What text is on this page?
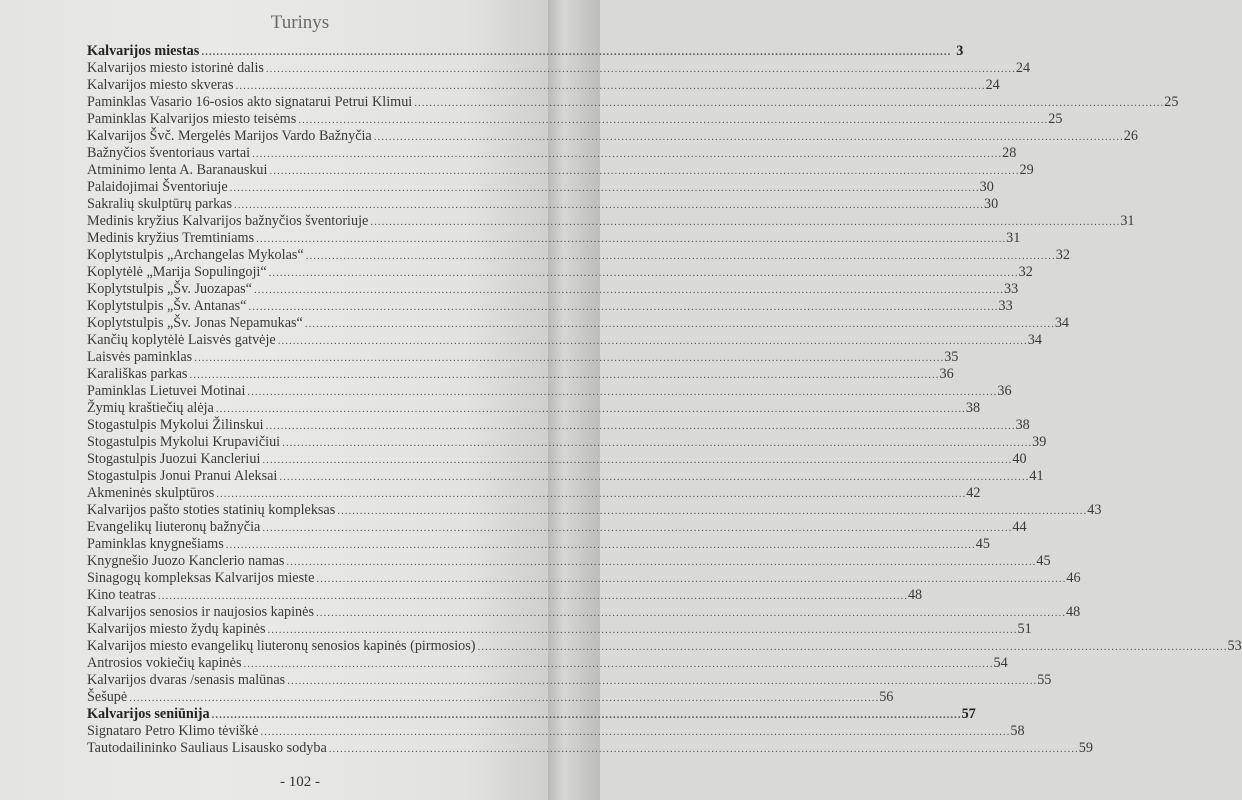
Turinys
Kalvarijos miestas ........................................................................................................................................................................................................ 3
Kalvarijos miesto istorinė dalis ........................................................................................................................................................................................................ 24
Kalvarijos miesto skveras ........................................................................................................................................................................................................ 24
Paminklas Vasario 16-osios akto signatarui Petrui Klimui ........................................................................................................................................................................................................ 25
Paminklas Kalvarijos miesto teisėms ........................................................................................................................................................................................................ 25
Kalvarijos Švč. Mergelės Marijos Vardo Bažnyčia ........................................................................................................................................................................................................ 26
Bažnyčios šventoriaus vartai ........................................................................................................................................................................................................ 28
Atminimo lenta A. Baranauskui ........................................................................................................................................................................................................ 29
Palaidojimai Šventoriuje ........................................................................................................................................................................................................ 30
Sakralių skulptūrų parkas ........................................................................................................................................................................................................ 30
Medinis kryžius Kalvarijos bažnyčios šventoriuje ........................................................................................................................................................................................................ 31
Medinis kryžius Tremtiniams ........................................................................................................................................................................................................ 31
Koplytstulpis „Archangelas Mykolas“ ........................................................................................................................................................................................................ 32
Koplytėlė „Marija Sopulingoji“ ........................................................................................................................................................................................................ 32
Koplytstulpis „Šv. Juozapas“ ........................................................................................................................................................................................................ 33
Koplytstulpis „Šv. Antanas“ ........................................................................................................................................................................................................ 33
Koplytstulpis „Šv. Jonas Nepamukas“ ........................................................................................................................................................................................................ 34
Kančių koplytėlė Laisvės gatvėje ........................................................................................................................................................................................................ 34
Laisvės paminklas ........................................................................................................................................................................................................ 35
Karališkas parkas ........................................................................................................................................................................................................ 36
Paminklas Lietuvei Motinai ........................................................................................................................................................................................................ 36
Žymių kraštiečių alėja ........................................................................................................................................................................................................ 38
Stogastulpis Mykolui Žilinskui ........................................................................................................................................................................................................ 38
Stogastulpis Mykolui Krupavičiui ........................................................................................................................................................................................................ 39
Stogastulpis Juozui Kancleriui ........................................................................................................................................................................................................ 40
Stogastulpis Jonui Pranui Aleksai ........................................................................................................................................................................................................ 41
Akmeninės skulptūros ........................................................................................................................................................................................................ 42
Kalvarijos pašto stoties statinių kompleksas ........................................................................................................................................................................................................ 43
Evangelikų liuteronų bažnyčia ........................................................................................................................................................................................................ 44
Paminklas knygnešiams ........................................................................................................................................................................................................ 45
Knygnešio Juozo Kanclerio namas ........................................................................................................................................................................................................ 45
Sinagogų kompleksas Kalvarijos mieste ........................................................................................................................................................................................................ 46
Kino teatras ........................................................................................................................................................................................................ 48
Kalvarijos senosios ir naujosios kapinės ........................................................................................................................................................................................................ 48
Kalvarijos miesto žydų kapinės ........................................................................................................................................................................................................ 51
Kalvarijos miesto evangelikų liuteronų senosios kapinės (pirmosios) ........................................................................................................................................................................................................ 53
Antrosios vokiečių kapinės ........................................................................................................................................................................................................ 54
Kalvarijos dvaras /senasis malūnas ........................................................................................................................................................................................................ 55
Šešupė ........................................................................................................................................................................................................ 56
Kalvarijos seniūnija ........................................................................................................................................................................................................ 57
Signataro Petro Klimo tėviškė ........................................................................................................................................................................................................ 58
Tautodailininko Sauliaus Lisausko sodyba ........................................................................................................................................................................................................ 59
- 102 -
